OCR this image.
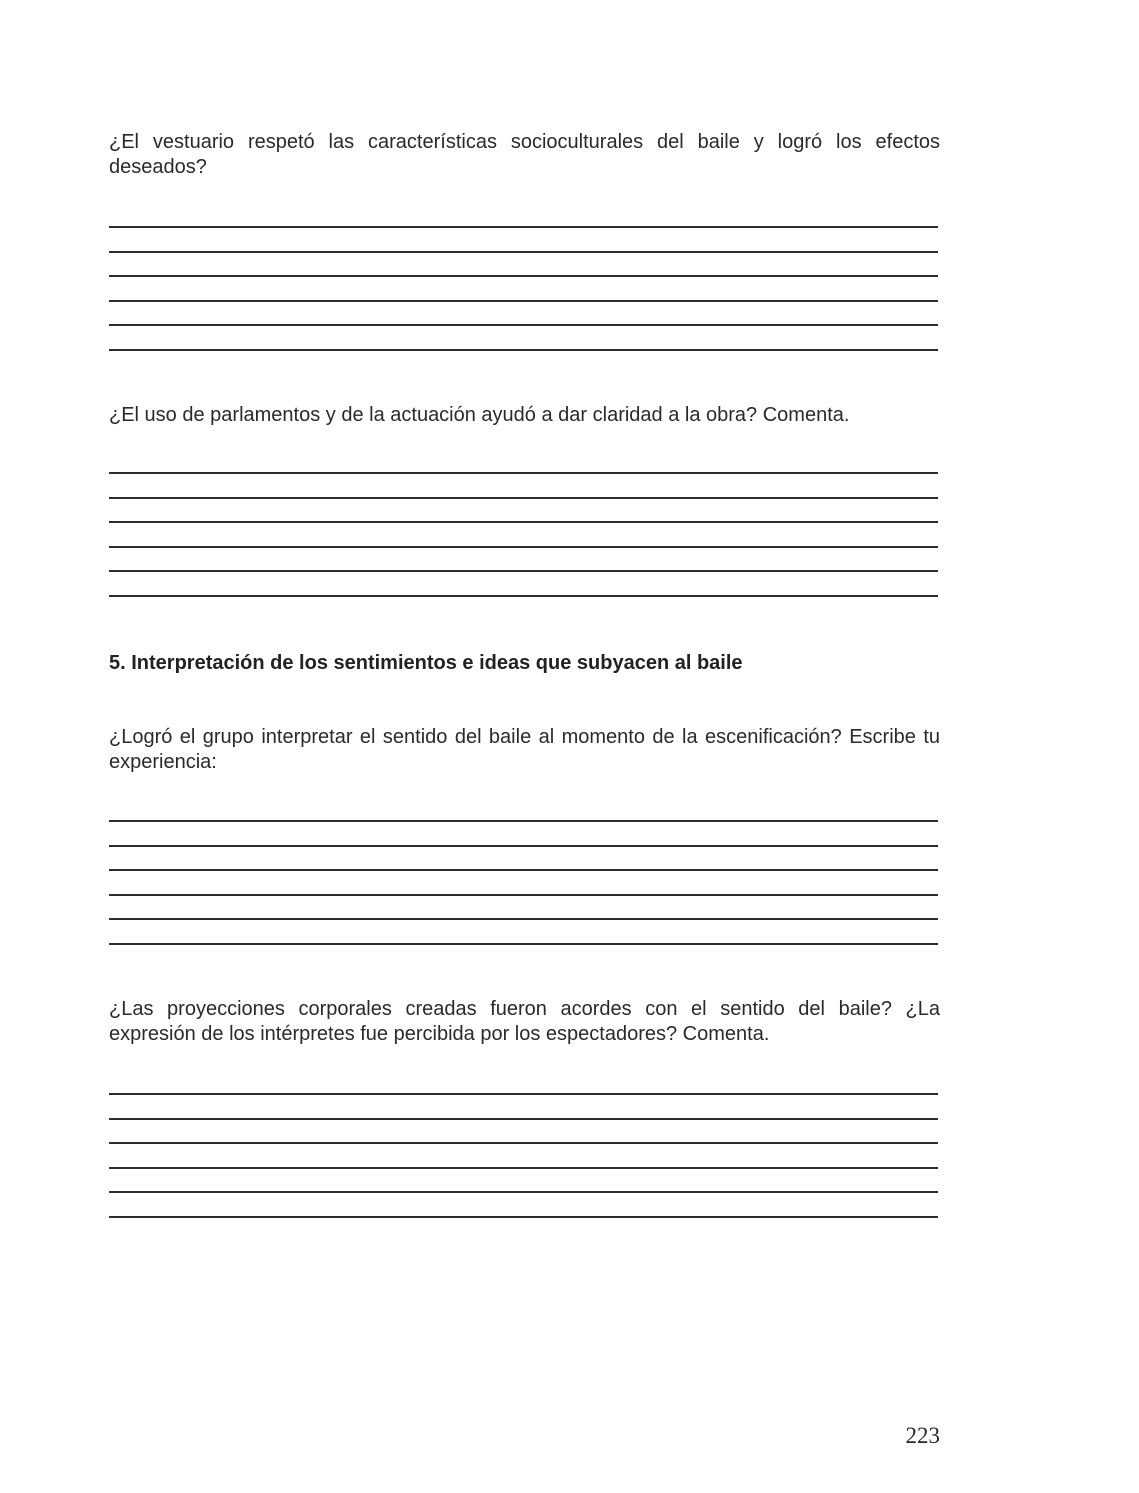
¿El vestuario respetó las características socioculturales del baile y logró los efectos deseados?

¿El uso de parlamentos y de la actuación ayudó a dar claridad a la obra? Comenta.

5. Interpretación de los sentimientos e ideas que subyacen al baile

¿Logró el grupo interpretar el sentido del baile al momento de la escenificación? Escribe tu experiencia:

¿Las proyecciones corporales creadas fueron acordes con el sentido del baile? ¿La expresión de los intérpretes fue percibida por los espectadores? Comenta.

223
